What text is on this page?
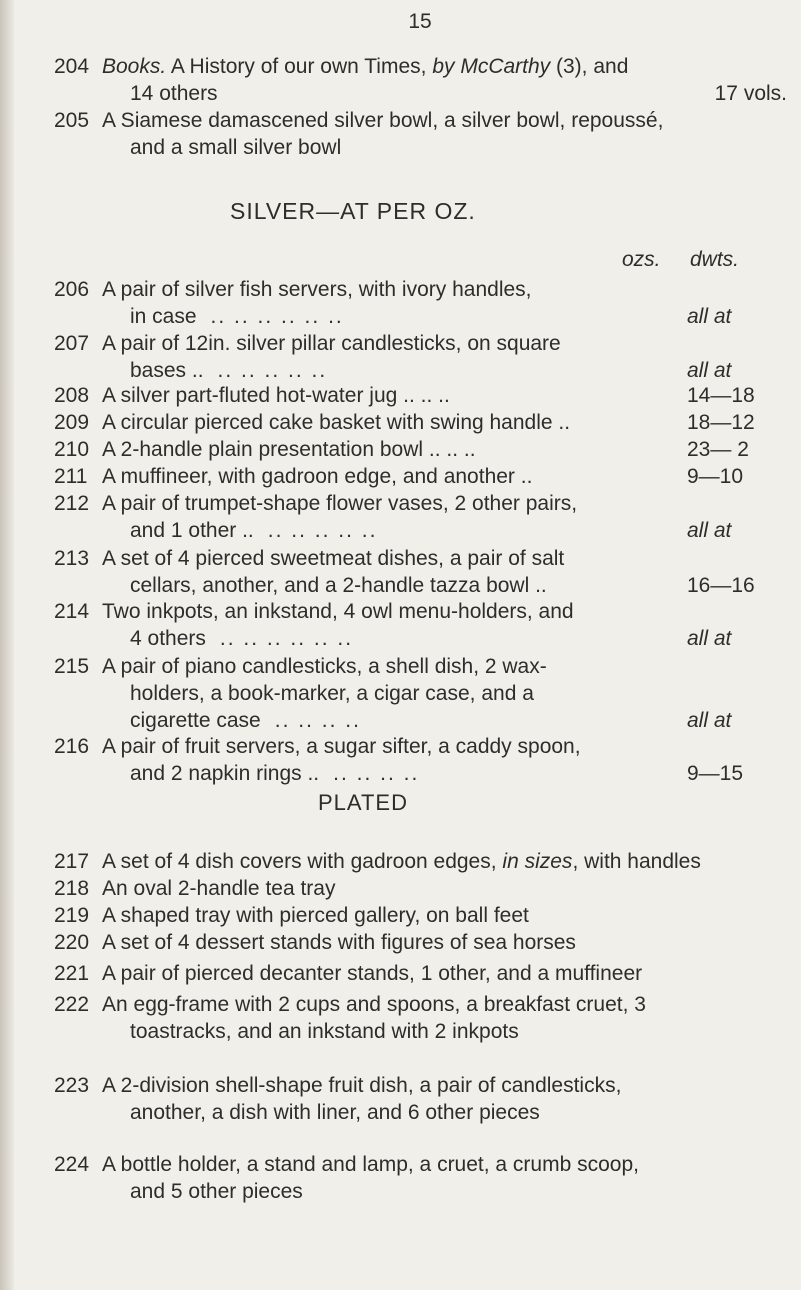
15
204 Books. A History of our own Times, by McCarthy (3), and
14 others	17 vols.
205 A Siamese damascened silver bowl, a silver bowl, repoussé,
and a small silver bowl
SILVER—AT PER OZ.
ozs. dwts.
206 A pair of silver fish servers, with ivory handles,
in case .. .. .. .. .. ..	all at
207 A pair of 12in. silver pillar candlesticks, on square
bases .. .. .. .. .. ..	all at
208 A silver part-fluted hot-water jug .. .. ..	14—18
209 A circular pierced cake basket with swing handle ..	18—12
210 A 2-handle plain presentation bowl .. .. ..	23— 2
211 A muffineer, with gadroon edge, and another ..	9—10
212 A pair of trumpet-shape flower vases, 2 other pairs,
and 1 other .. .. .. .. .. ..	all at
213 A set of 4 pierced sweetmeat dishes, a pair of salt
cellars, another, and a 2-handle tazza bowl ..	16—16
214 Two inkpots, an inkstand, 4 owl menu-holders, and
4 others .. .. .. .. .. ..	all at
215 A pair of piano candlesticks, a shell dish, 2 wax-
holders, a book-marker, a cigar case, and a
cigarette case .. .. .. ..	all at
216 A pair of fruit servers, a sugar sifter, a caddy spoon,
and 2 napkin rings .. .. .. .. ..	9—15
PLATED
217 A set of 4 dish covers with gadroon edges, in sizes, with handles
218 An oval 2-handle tea tray
219 A shaped tray with pierced gallery, on ball feet
220 A set of 4 dessert stands with figures of sea horses
221 A pair of pierced decanter stands, 1 other, and a muffineer
222 An egg-frame with 2 cups and spoons, a breakfast cruet, 3
toastracks, and an inkstand with 2 inkpots
223 A 2-division shell-shape fruit dish, a pair of candlesticks,
another, a dish with liner, and 6 other pieces
224 A bottle holder, a stand and lamp, a cruet, a crumb scoop,
and 5 other pieces
